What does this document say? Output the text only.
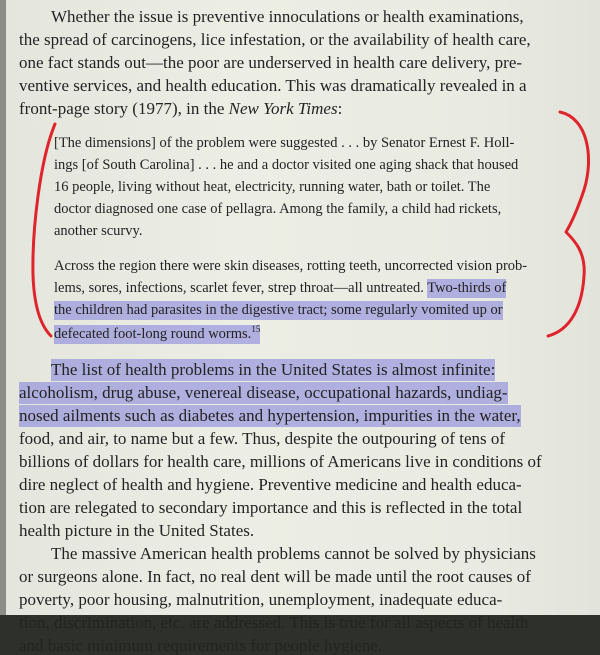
Whether the issue is preventive innoculations or health examinations,
the spread of carcinogens, lice infestation, or the availability of health care,
one fact stands out—the poor are underserved in health care delivery, pre-
ventive services, and health education. This was dramatically revealed in a
front-page story (1977), in the New York Times:
[The dimensions] of the problem were suggested . . . by Senator Ernest F. Holl-
ings [of South Carolina] . . . he and a doctor visited one aging shack that housed
16 people, living without heat, electricity, running water, bath or toilet. The
doctor diagnosed one case of pellagra. Among the family, a child had rickets,
another scurvy.
Across the region there were skin diseases, rotting teeth, uncorrected vision prob-
lems, sores, infections, scarlet fever, strep throat—all untreated. Two-thirds of
the children had parasites in the digestive tract; some regularly vomited up or
defecated foot-long round worms.$^{15}$
The list of health problems in the United States is almost infinite:
alcoholism, drug abuse, venereal disease, occupational hazards, undiag-
nosed ailments such as diabetes and hypertension, impurities in the water,
food, and air, to name but a few. Thus, despite the outpouring of tens of
billions of dollars for health care, millions of Americans live in conditions of
dire neglect of health and hygiene. Preventive medicine and health educa-
tion are relegated to secondary importance and this is reflected in the total
health picture in the United States.
The massive American health problems cannot be solved by physicians
or surgeons alone. In fact, no real dent will be made until the root causes of
poverty, poor housing, malnutrition, unemployment, inadequate educa-
tion, discrimination, etc. are addressed. This is true for all aspects of health
and basic minimum requirements for people hygiene.
